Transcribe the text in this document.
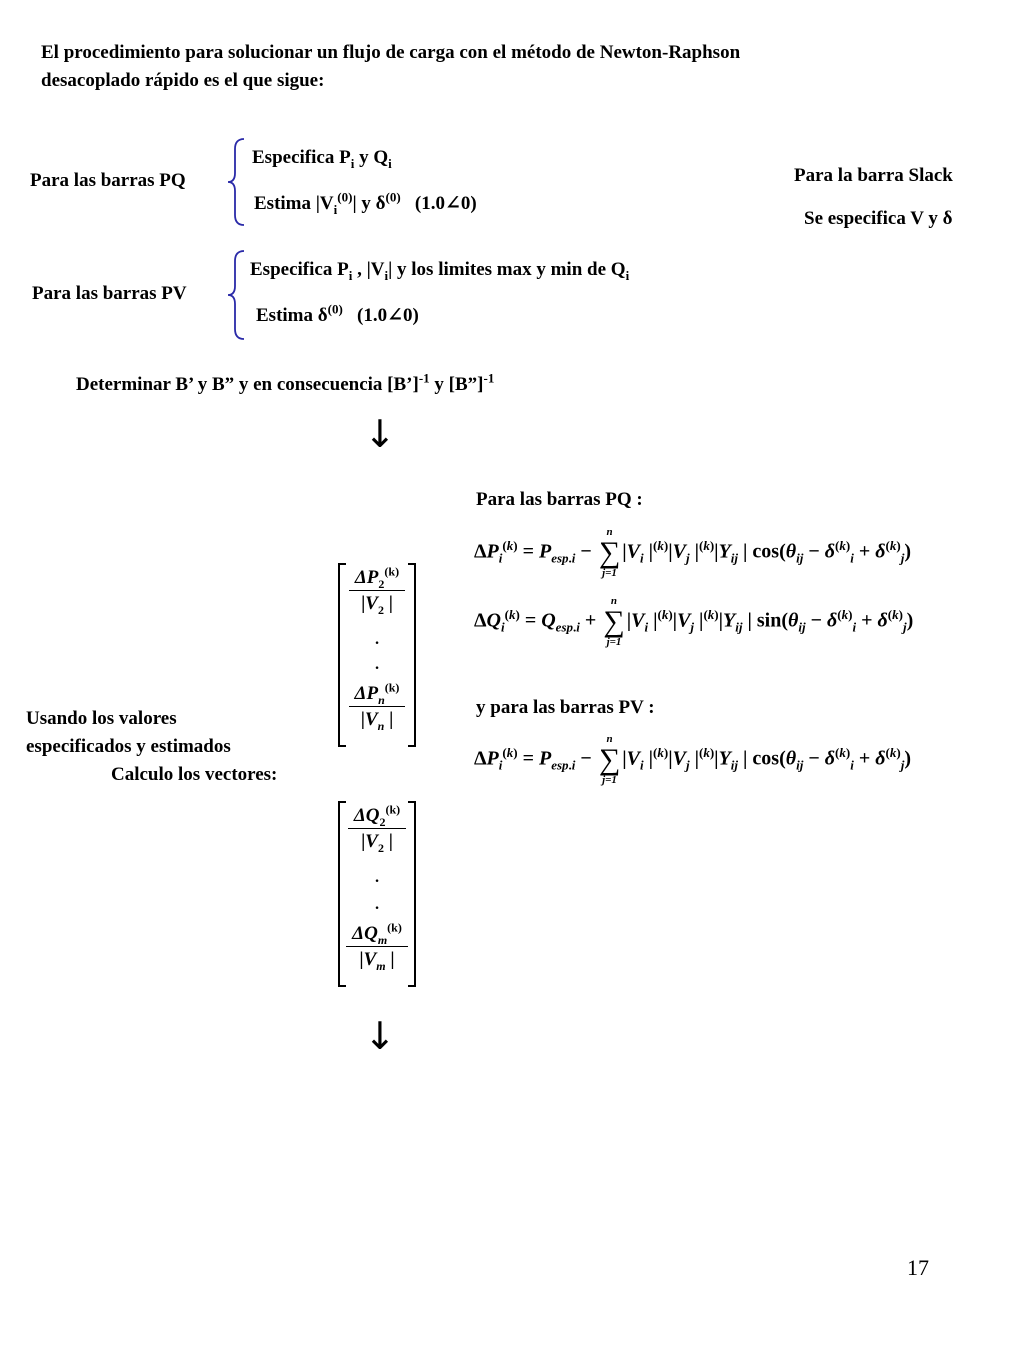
El procedimiento para solucionar un flujo de carga con el método de Newton-Raphson
desacoplado rápido es el que sigue:
Para las barras PQ
Especifica $P_i$ y $Q_i$
Estima $|V_i^{(0)}|$ y $\delta^{(0)}$ (1.0∠0)
Para la barra Slack
Se especifica V y δ
Para las barras PV
Especifica $P_i$ , $|V_i|$ y los limites max y min de $Q_i$
Estima $\delta^{(0)}$ (1.0∠0)
Determinar B’ y B” y en consecuencia [B’]$^{-1}$ y [B”]$^{-1}$
↓
↓
Usando los valores
especificados y estimados
Calculo los vectores:
$\frac{\Delta P_2^{(k)}}{|V_2 |}$
·
·
$\Delta P_n^{(k)}$
$|V_n$ |
$\frac{\Delta Q_2^{(k)}}{|V_2 |}$
·
·
$\Delta Q_m^{(k)}$
$|V_m$ |
Para las barras PQ :
$\Delta P_i^{(k)} = P_{esp.i}$ −
n
∑
j=1
$|V_i$ $|^{(k)}|V_j$ $|^{(k)}|Y_{ij}$ | $\cos(\theta_{ij} - \delta^{(k)}_i + \delta^{(k)}_j)$
$\Delta Q_i^{(k)} = Q_{esp.i}$ +
n
∑
j=1
$|V_i$ $|^{(k)}|V_j$ $|^{(k)}|Y_{ij}$ | $\sin(\theta_{ij} - \delta^{(k)}_i + \delta^{(k)}_j)$
y para las barras PV :
$\Delta P_i^{(k)} = P_{esp.i}$ −
n
∑
j=1
$|V_i$ $|^{(k)}|V_j$ $|^{(k)}|Y_{ij}$ | $\cos(\theta_{ij} - \delta^{(k)}_i + \delta^{(k)}_j)$
17
